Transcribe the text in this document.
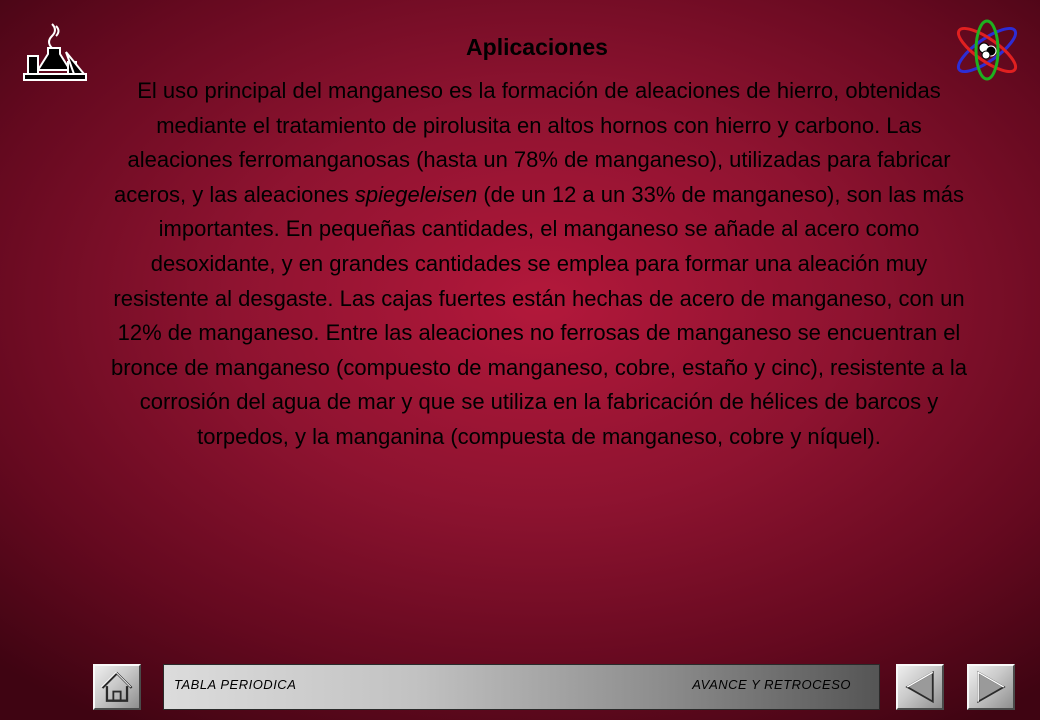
Aplicaciones
El uso principal del manganeso es la formación de aleaciones de hierro, obtenidas mediante el tratamiento de pirolusita en altos hornos con hierro y carbono. Las aleaciones ferromanganosas (hasta un 78% de manganeso), utilizadas para fabricar aceros, y las aleaciones spiegeleisen (de un 12 a un 33% de manganeso), son las más importantes. En pequeñas cantidades, el manganeso se añade al acero como desoxidante, y en grandes cantidades se emplea para formar una aleación muy resistente al desgaste. Las cajas fuertes están hechas de acero de manganeso, con un 12% de manganeso. Entre las aleaciones no ferrosas de manganeso se encuentran el bronce de manganeso (compuesto de manganeso, cobre, estaño y cinc), resistente a la corrosión del agua de mar y que se utiliza en la fabricación de hélices de barcos y torpedos, y la manganina (compuesta de manganeso, cobre y níquel).
TABLA PERIODICA	AVANCE Y RETROCESO
